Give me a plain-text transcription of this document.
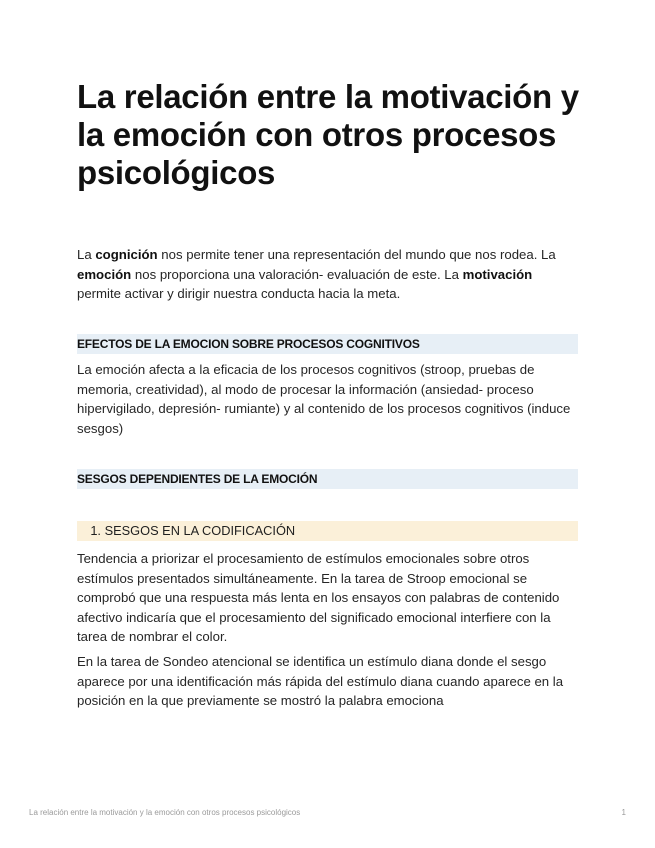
La relación entre la motivación y la emoción con otros procesos psicológicos

La cognición nos permite tener una representación del mundo que nos rodea. La emoción nos proporciona una valoración- evaluación de este. La motivación permite activar y dirigir nuestra conducta hacia la meta.

EFECTOS DE LA EMOCION SOBRE PROCESOS COGNITIVOS

La emoción afecta a la eficacia de los procesos cognitivos (stroop, pruebas de memoria, creatividad), al modo de procesar la información (ansiedad- proceso hipervigilado, depresión- rumiante) y al contenido de los procesos cognitivos (induce sesgos)

SESGOS DEPENDIENTES DE LA EMOCIÓN
1. SESGOS EN LA CODIFICACIÓN

Tendencia a priorizar el procesamiento de estímulos emocionales sobre otros estímulos presentados simultáneamente. En la tarea de Stroop emocional se comprobó que una respuesta más lenta en los ensayos con palabras de contenido afectivo indicaría que el procesamiento del significado emocional interfiere con la tarea de nombrar el color.

En la tarea de Sondeo atencional se identifica un estímulo diana donde el sesgo aparece por una identificación más rápida del estímulo diana cuando aparece en la posición en la que previamente se mostró la palabra emociona

La relación entre la motivación y la emoción con otros procesos psicológicos	1
